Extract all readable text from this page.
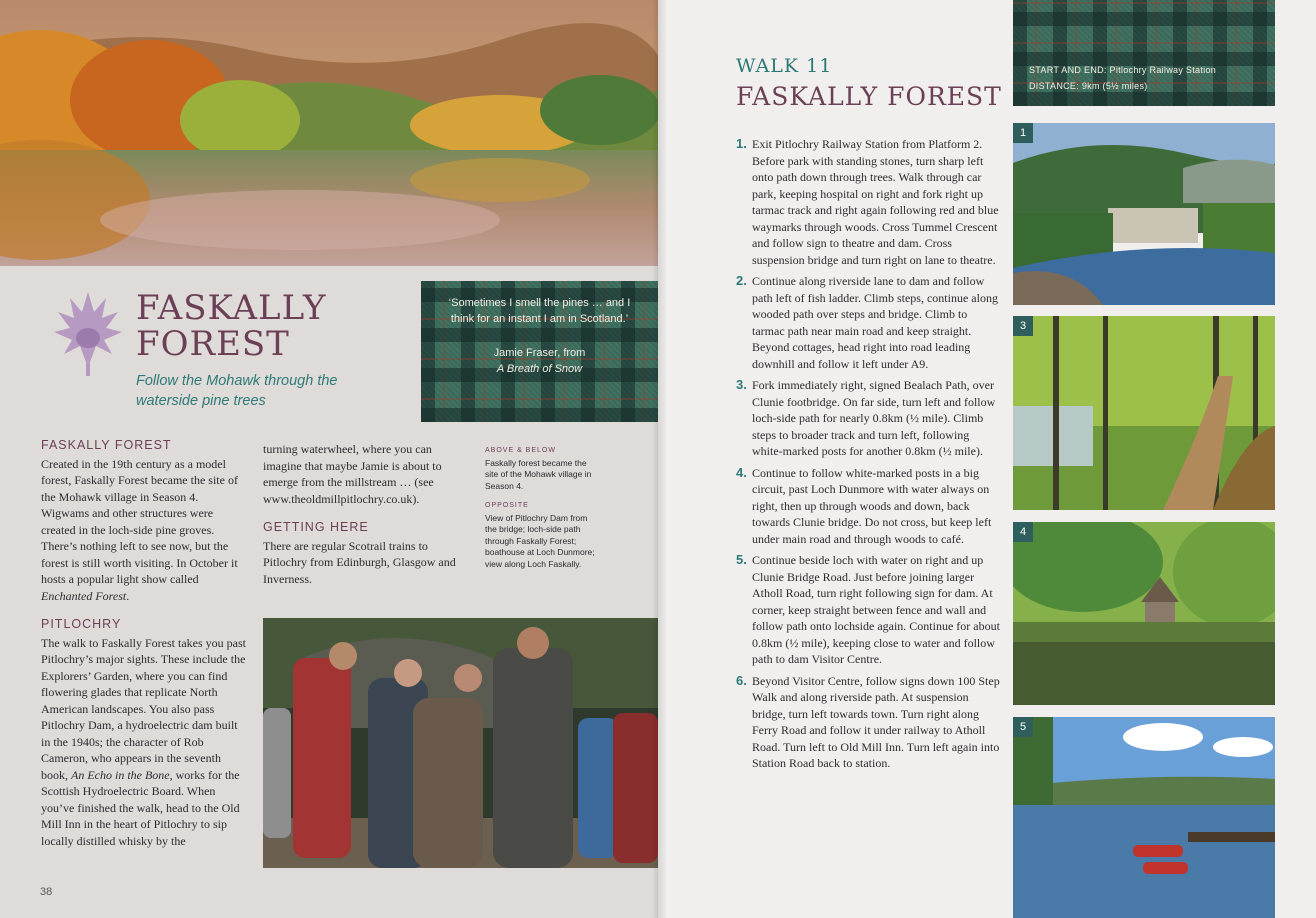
FASKALLY
FOREST
Follow the Mohawk through the waterside pine trees
‘Sometimes I smell the pines … and I think for an instant I am in Scotland.’
Jamie Fraser, from
A Breath of Snow
FASKALLY FOREST
Created in the 19th century as a model forest, Faskally Forest became the site of the Mohawk village in Season 4. Wigwams and other structures were created in the loch-side pine groves. There’s nothing left to see now, but the forest is still worth visiting. In October it hosts a popular light show called Enchanted Forest.
PITLOCHRY
The walk to Faskally Forest takes you past Pitlochry’s major sights. These include the Explorers’ Garden, where you can find flowering glades that replicate North American landscapes. You also pass Pitlochry Dam, a hydroelectric dam built in the 1940s; the character of Rob Cameron, who appears in the seventh book, An Echo in the Bone, works for the Scottish Hydroelectric Board. When you’ve finished the walk, head to the Old Mill Inn in the heart of Pitlochry to sip locally distilled whisky by the
turning waterwheel, where you can imagine that maybe Jamie is about to emerge from the millstream … (see www.theoldmillpitlochry.co.uk).
GETTING HERE
There are regular Scotrail trains to Pitlochry from Edinburgh, Glasgow and Inverness.
ABOVE & BELOW
Faskally forest became the site of the Mohawk village in Season 4.
OPPOSITE
View of Pitlochry Dam from the bridge; loch-side path through Faskally Forest; boathouse at Loch Dunmore; view along Loch Faskally.
38
WALK 11
FASKALLY FOREST
START AND END: Pitlochry Railway Station
DISTANCE: 9km (5½ miles)
1. Exit Pitlochry Railway Station from Platform 2. Before park with standing stones, turn sharp left onto path down through trees. Walk through car park, keeping hospital on right and fork right up tarmac track and right again following red and blue waymarks through woods. Cross Tummel Crescent and follow sign to theatre and dam. Cross suspension bridge and turn right on lane to theatre.
2. Continue along riverside lane to dam and follow path left of fish ladder. Climb steps, continue along wooded path over steps and bridge. Climb to tarmac path near main road and keep straight. Beyond cottages, head right into road leading downhill and follow it left under A9.
3. Fork immediately right, signed Bealach Path, over Clunie footbridge. On far side, turn left and follow loch-side path for nearly 0.8km (½ mile). Climb steps to broader track and turn left, following white-marked posts for another 0.8km (½ mile).
4. Continue to follow white-marked posts in a big circuit, past Loch Dunmore with water always on right, then up through woods and down, back towards Clunie bridge. Do not cross, but keep left under main road and through woods to café.
5. Continue beside loch with water on right and up Clunie Bridge Road. Just before joining larger Atholl Road, turn right following sign for dam. At corner, keep straight between fence and wall and follow path onto lochside again. Continue for about 0.8km (½ mile), keeping close to water and follow path to dam Visitor Centre.
6. Beyond Visitor Centre, follow signs down 100 Step Walk and along riverside path. At suspension bridge, turn left towards town. Turn right along Ferry Road and follow it under railway to Atholl Road. Turn left to Old Mill Inn. Turn left again into Station Road back to station.
1
3
4
5
